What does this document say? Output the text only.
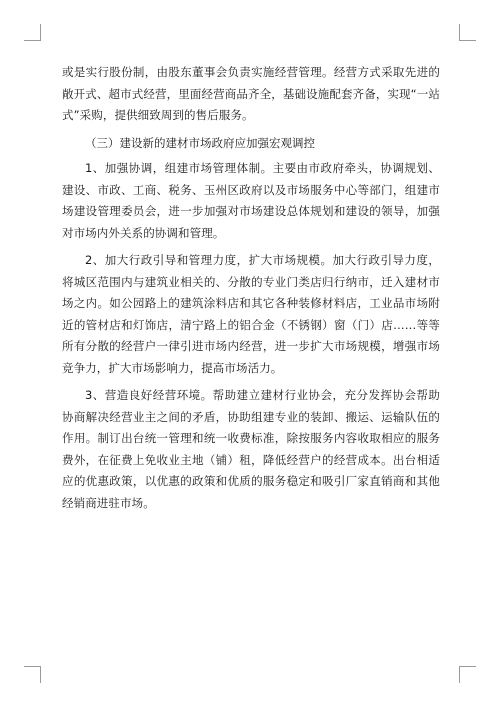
或是实行股份制，由股东董事会负责实施经营管理。经营方式采取先进的敞开式、超市式经营，里面经营商品齐全，基础设施配套齐备，实现“一站式”采购，提供细致周到的售后服务。

（三）建设新的建材市场政府应加强宏观调控

1、加强协调，组建市场管理体制。主要由市政府牵头，协调规划、建设、市政、工商、税务、玉州区政府以及市场服务中心等部门，组建市场建设管理委员会，进一步加强对市场建设总体规划和建设的领导，加强对市场内外关系的协调和管理。

2、加大行政引导和管理力度，扩大市场规模。加大行政引导力度，将城区范围内与建筑业相关的、分散的专业门类店归行纳市，迁入建材市场之内。如公园路上的建筑涂料店和其它各种装修材料店，工业品市场附近的管材店和灯饰店，清宁路上的铝合金（不锈钢）窗（门）店……等等所有分散的经营户一律引进市场内经营，进一步扩大市场规模，增强市场竞争力，扩大市场影响力，提高市场活力。

3、营造良好经营环境。帮助建立建材行业协会，充分发挥协会帮助协商解决经营业主之间的矛盾，协助组建专业的装卸、搬运、运输队伍的作用。制订出台统一管理和统一收费标准，除按服务内容收取相应的服务费外，在征费上免收业主地（铺）租，降低经营户的经营成本。出台相适应的优惠政策，以优惠的政策和优质的服务稳定和吸引厂家直销商和其他经销商进驻市场。
